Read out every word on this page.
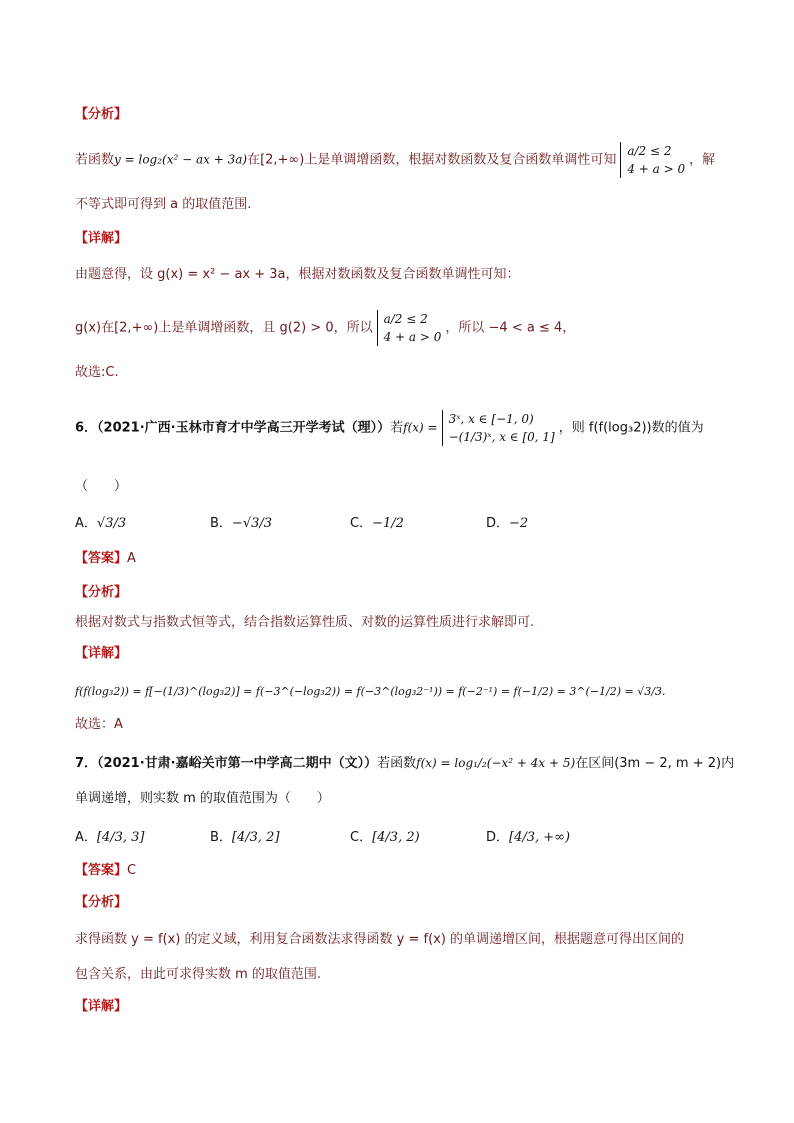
【分析】
若函数y = log₂(x² − ax + 3a)在[2,+∞)上是单调增函数，根据对数函数及复合函数单调性可知
a/2 ≤ 2
4 + a > 0
，解
不等式即可得到 a 的取值范围.
【详解】
由题意得，设 g(x) = x² − ax + 3a，根据对数函数及复合函数单调性可知：
g(x)在[2,+∞)上是单调增函数，且 g(2) > 0，所以
a/2 ≤ 2
4 + a > 0
，所以 −4 < a ≤ 4，
故选:C.
6．（2021·广西·玉林市育才中学高三开学考试（理））若f(x) =
3ˣ, x ∈ [−1, 0)
−(1/3)ˣ, x ∈ [0, 1]
，则 f(f(log₃2))数的值为
（　　）
A．√3/3	B．−√3/3	C．−1/2	D．−2
【答案】A
【分析】
根据对数式与指数式恒等式，结合指数运算性质、对数的运算性质进行求解即可.
【详解】
f(f(log₃2)) = f[−(1/3)^(log₃2)] = f(−3^(−log₃2)) = f(−3^(log₃2⁻¹)) = f(−2⁻¹) = f(−1/2) = 3^(−1/2) = √3/3.
故选：A
7．（2021·甘肃·嘉峪关市第一中学高二期中（文））若函数f(x) = log₁/₂(−x² + 4x + 5)在区间(3m − 2, m + 2)内
单调递增，则实数 m 的取值范围为（　　）
A．[4/3, 3]	B．[4/3, 2]	C．[4/3, 2)	D．[4/3, +∞)
【答案】C
【分析】
求得函数 y = f(x) 的定义域，利用复合函数法求得函数 y = f(x) 的单调递增区间，根据题意可得出区间的
包含关系，由此可求得实数 m 的取值范围.
【详解】
